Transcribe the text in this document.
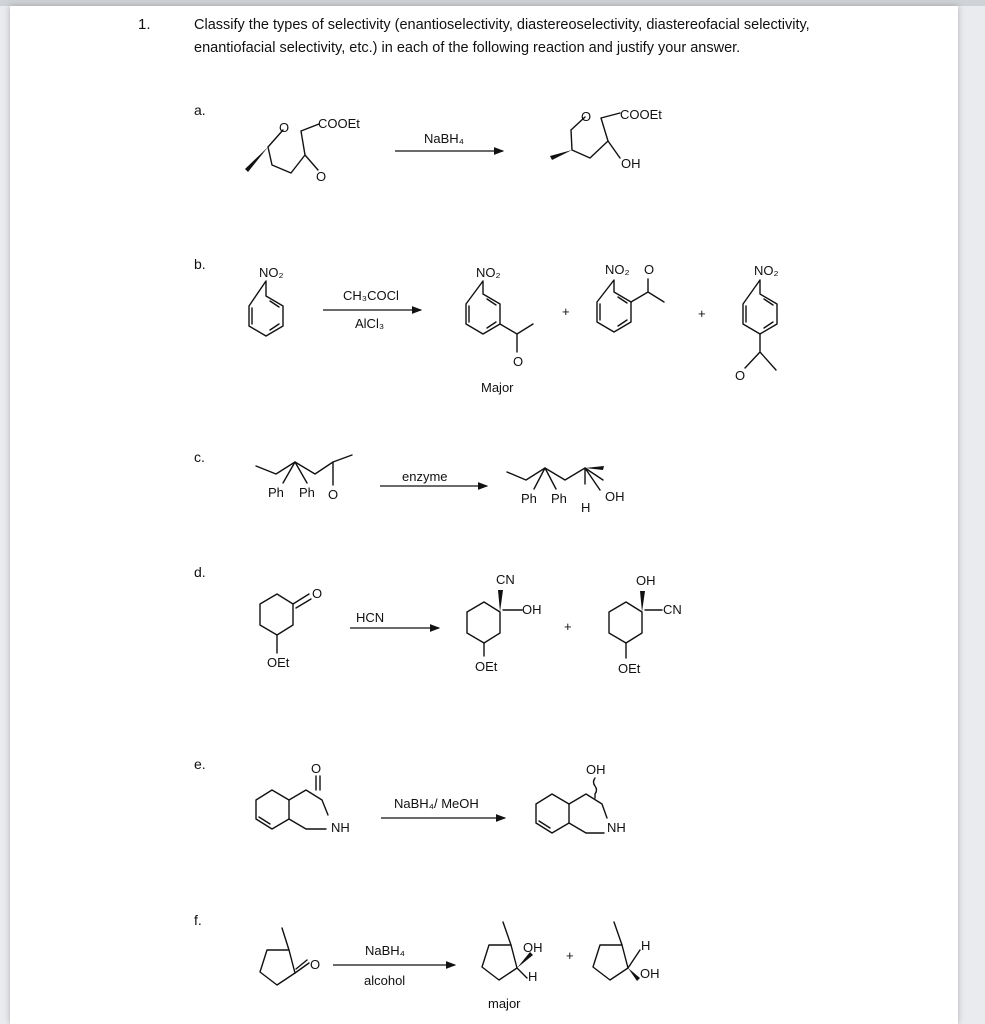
1.	Classify the types of selectivity (enantioselectivity, diastereoselectivity, diastereofacial selectivity, enantiofacial selectivity, etc.) in each of the following reaction and justify your answer.

a.
b.
c.
d.
e.
f.
O COOEt
O
NaBH₄
O COOEt
OH
NO₂
CH₃COCl
AlCl₃
NO₂
O
Major
+
NO₂ O
+
NO₂
O
Ph Ph O
enzyme
Ph Ph
H
OH
O
OEt
HCN
CN
OH
OEt
+
OH
CN
OEt
O
NH
NaBH₄/ MeOH
OH
NH
O
NaBH₄
alcohol
OH
H
major
+
H
OH
